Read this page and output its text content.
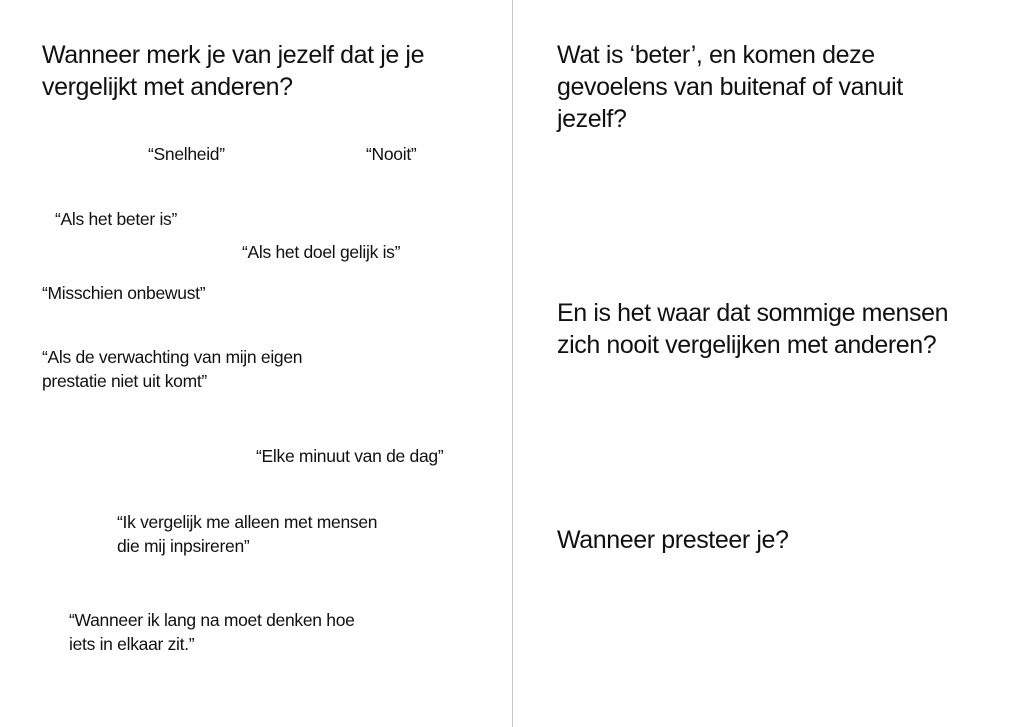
Wanneer merk je van jezelf dat je je
vergelijkt met anderen?

“Snelheid”	“Nooit”

“Als het beter is”

“Als het doel gelijk is”

“Misschien onbewust”

“Als de verwachting van mijn eigen
prestatie niet uit komt”

“Elke minuut van de dag”

“Ik vergelijk me alleen met mensen
die mij inpsireren”

“Wanneer ik lang na moet denken hoe
iets in elkaar zit.”

Wat is ‘beter’, en komen deze
gevoelens van buitenaf of vanuit
jezelf?
En is het waar dat sommige mensen
zich nooit vergelijken met anderen?
Wanneer presteer je?
